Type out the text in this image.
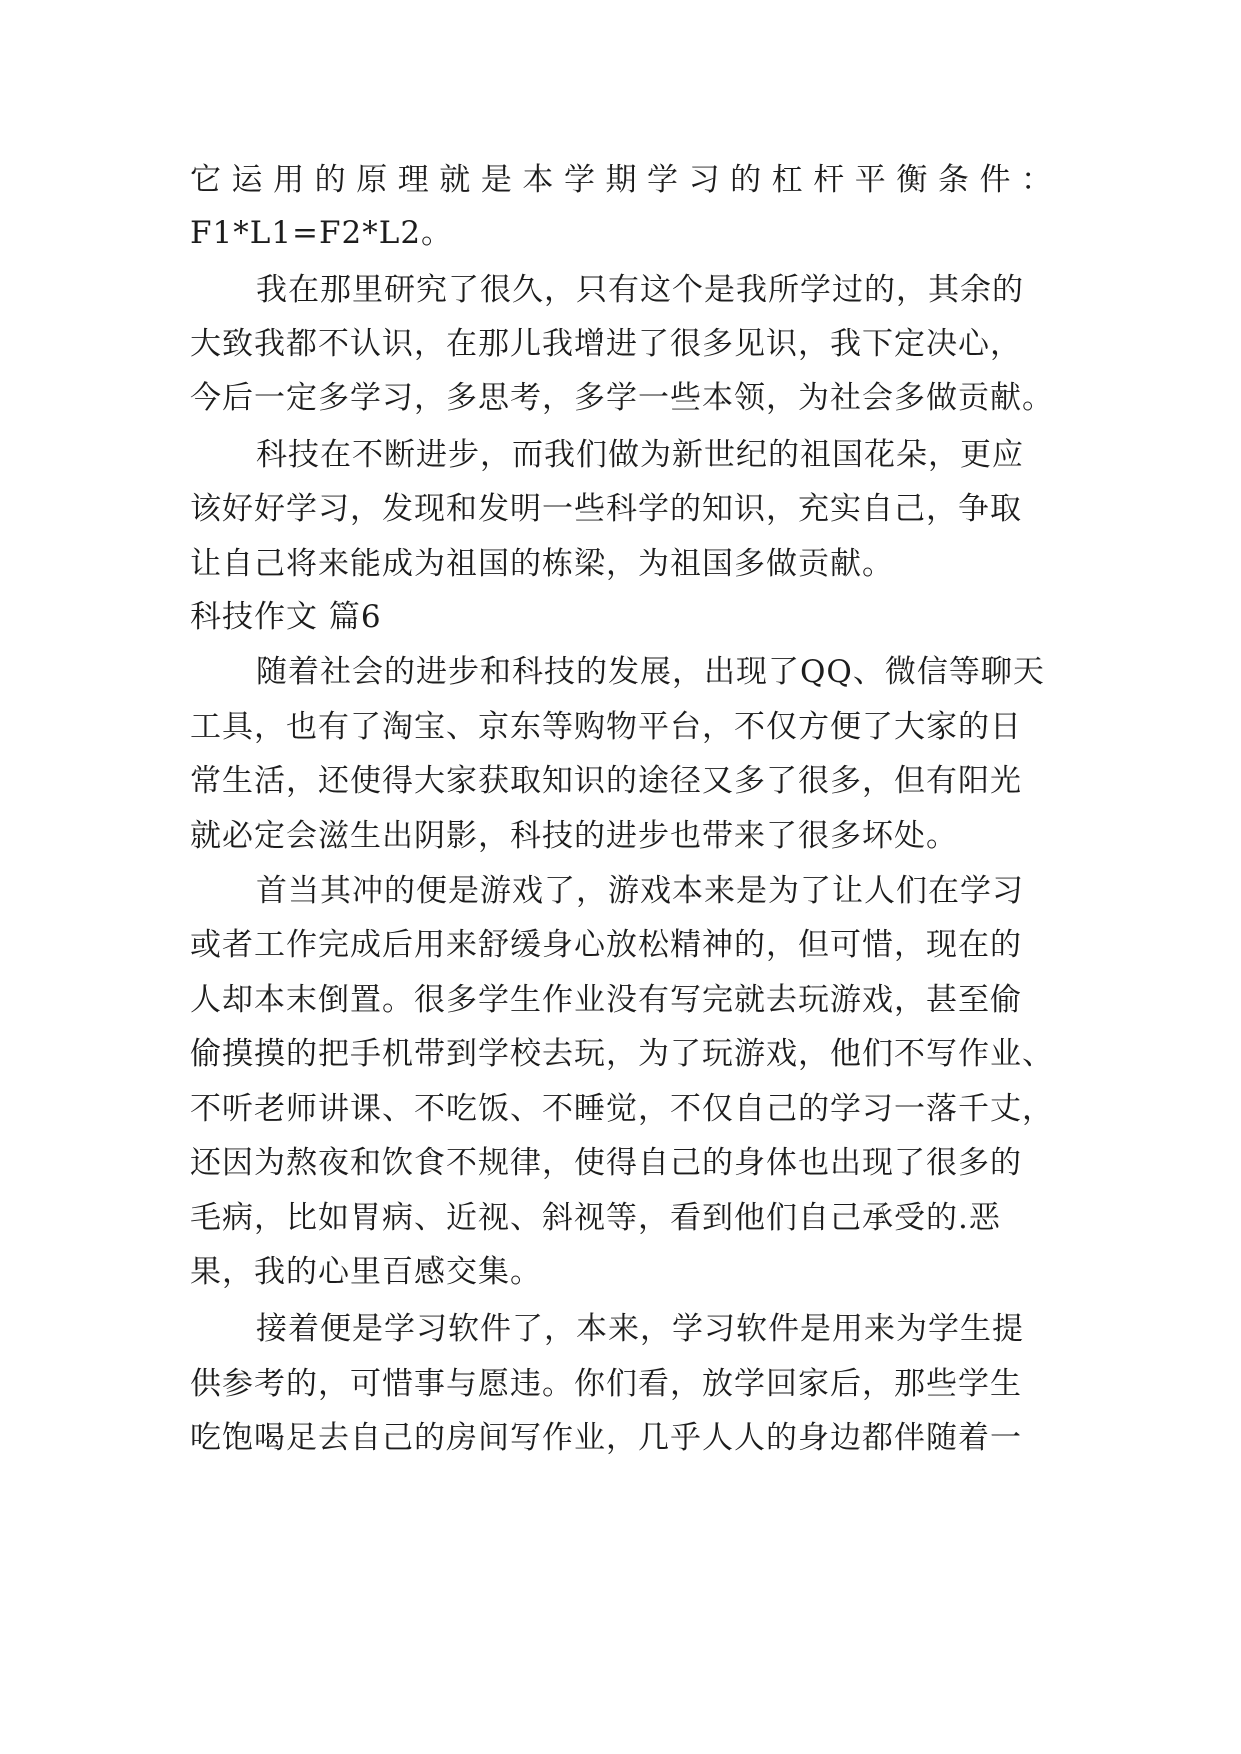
它运用的原理就是本学期学习的杠杆平衡条件：
F1*L1=F2*L2。
我在那里研究了很久，只有这个是我所学过的，其余的
大致我都不认识，在那儿我增进了很多见识，我下定决心，
今后一定多学习，多思考，多学一些本领，为社会多做贡献。
科技在不断进步，而我们做为新世纪的祖国花朵，更应
该好好学习，发现和发明一些科学的知识，充实自己，争取
让自己将来能成为祖国的栋梁，为祖国多做贡献。
科技作文 篇6
随着社会的进步和科技的发展，出现了QQ、微信等聊天
工具，也有了淘宝、京东等购物平台，不仅方便了大家的日
常生活，还使得大家获取知识的途径又多了很多，但有阳光
就必定会滋生出阴影，科技的进步也带来了很多坏处。
首当其冲的便是游戏了，游戏本来是为了让人们在学习
或者工作完成后用来舒缓身心放松精神的，但可惜，现在的
人却本末倒置。很多学生作业没有写完就去玩游戏，甚至偷
偷摸摸的把手机带到学校去玩，为了玩游戏，他们不写作业、
不听老师讲课、不吃饭、不睡觉，不仅自己的学习一落千丈，
还因为熬夜和饮食不规律，使得自己的身体也出现了很多的
毛病，比如胃病、近视、斜视等，看到他们自己承受的.恶
果，我的心里百感交集。
接着便是学习软件了，本来，学习软件是用来为学生提
供参考的，可惜事与愿违。你们看，放学回家后，那些学生
吃饱喝足去自己的房间写作业，几乎人人的身边都伴随着一
